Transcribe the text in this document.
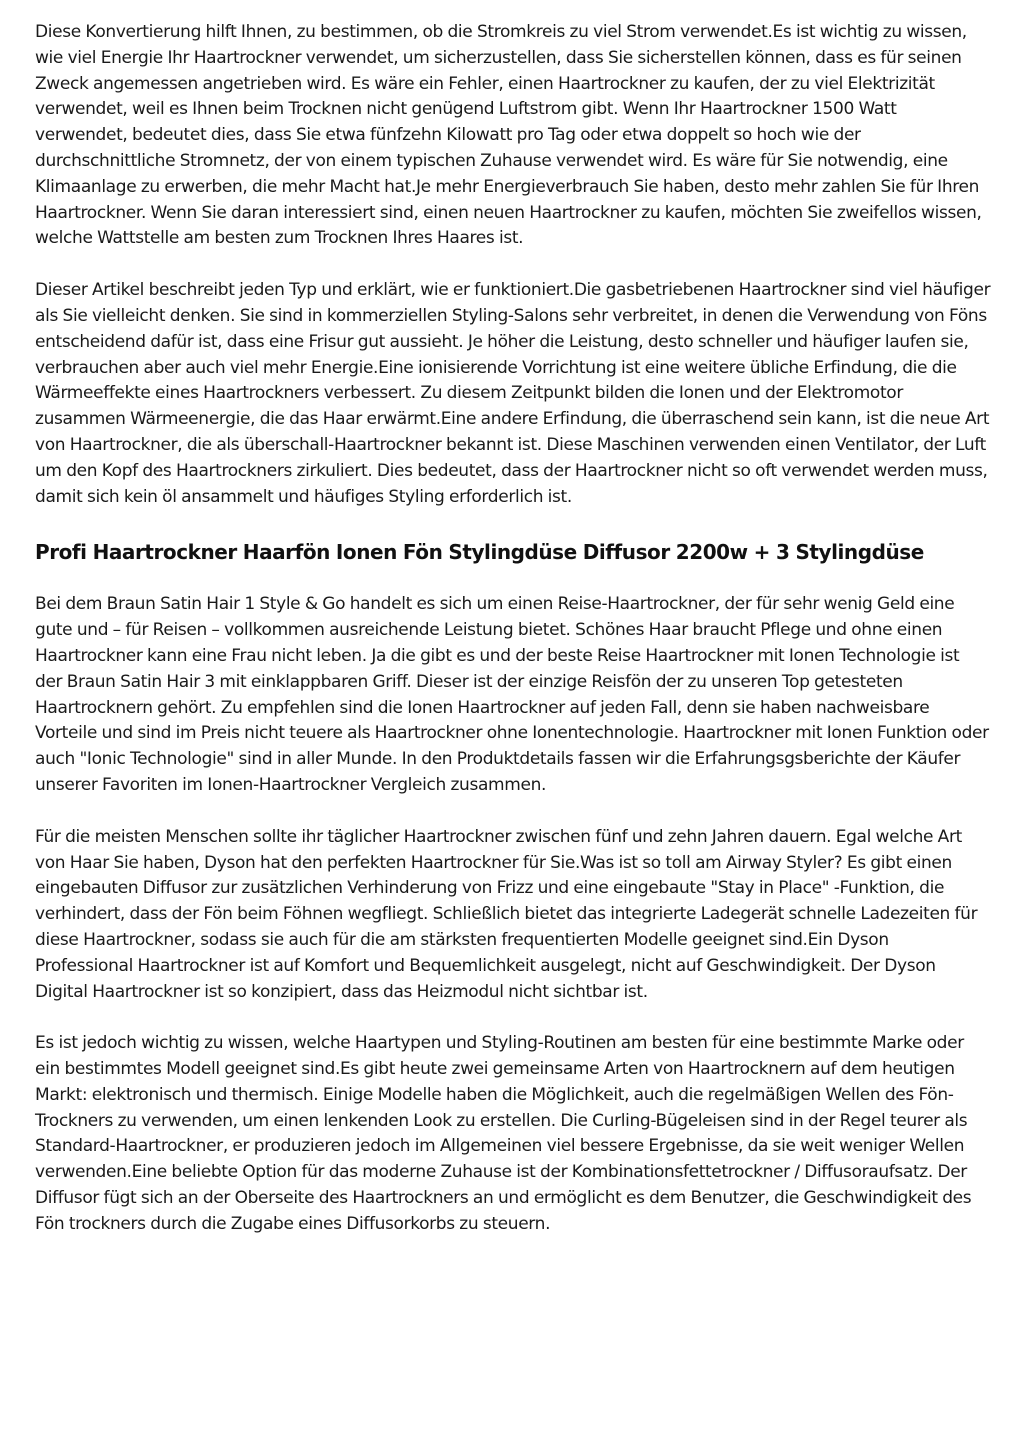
Diese Konvertierung hilft Ihnen, zu bestimmen, ob die Stromkreis zu viel Strom verwendet.Es ist wichtig zu wissen, wie viel Energie Ihr Haartrockner verwendet, um sicherzustellen, dass Sie sicherstellen können, dass es für seinen Zweck angemessen angetrieben wird. Es wäre ein Fehler, einen Haartrockner zu kaufen, der zu viel Elektrizität verwendet, weil es Ihnen beim Trocknen nicht genügend Luftstrom gibt. Wenn Ihr Haartrockner 1500 Watt verwendet, bedeutet dies, dass Sie etwa fünfzehn Kilowatt pro Tag oder etwa doppelt so hoch wie der durchschnittliche Stromnetz, der von einem typischen Zuhause verwendet wird. Es wäre für Sie notwendig, eine Klimaanlage zu erwerben, die mehr Macht hat.Je mehr Energieverbrauch Sie haben, desto mehr zahlen Sie für Ihren Haartrockner. Wenn Sie daran interessiert sind, einen neuen Haartrockner zu kaufen, möchten Sie zweifellos wissen, welche Wattstelle am besten zum Trocknen Ihres Haares ist.

Dieser Artikel beschreibt jeden Typ und erklärt, wie er funktioniert.Die gasbetriebenen Haartrockner sind viel häufiger als Sie vielleicht denken. Sie sind in kommerziellen Styling-Salons sehr verbreitet, in denen die Verwendung von Föns entscheidend dafür ist, dass eine Frisur gut aussieht. Je höher die Leistung, desto schneller und häufiger laufen sie, verbrauchen aber auch viel mehr Energie.Eine ionisierende Vorrichtung ist eine weitere übliche Erfindung, die die Wärmeeffekte eines Haartrockners verbessert. Zu diesem Zeitpunkt bilden die Ionen und der Elektromotor zusammen Wärmeenergie, die das Haar erwärmt.Eine andere Erfindung, die überraschend sein kann, ist die neue Art von Haartrockner, die als überschall-Haartrockner bekannt ist. Diese Maschinen verwenden einen Ventilator, der Luft um den Kopf des Haartrockners zirkuliert. Dies bedeutet, dass der Haartrockner nicht so oft verwendet werden muss, damit sich kein öl ansammelt und häufiges Styling erforderlich ist.

Profi Haartrockner Haarfön Ionen Fön Stylingdüse Diffusor 2200w + 3 Stylingdüse

Bei dem Braun Satin Hair 1 Style & Go handelt es sich um einen Reise-Haartrockner, der für sehr wenig Geld eine gute und – für Reisen – vollkommen ausreichende Leistung bietet. Schönes Haar braucht Pflege und ohne einen Haartrockner kann eine Frau nicht leben. Ja die gibt es und der beste Reise Haartrockner mit Ionen Technologie ist der Braun Satin Hair 3 mit einklappbaren Griff. Dieser ist der einzige Reisfön der zu unseren Top getesteten Haartrocknern gehört. Zu empfehlen sind die Ionen Haartrockner auf jeden Fall, denn sie haben nachweisbare Vorteile und sind im Preis nicht teuere als Haartrockner ohne Ionentechnologie. Haartrockner mit Ionen Funktion oder auch "Ionic Technologie" sind in aller Munde. In den Produktdetails fassen wir die Erfahrungsgsberichte der Käufer unserer Favoriten im Ionen-Haartrockner Vergleich zusammen.

Für die meisten Menschen sollte ihr täglicher Haartrockner zwischen fünf und zehn Jahren dauern. Egal welche Art von Haar Sie haben, Dyson hat den perfekten Haartrockner für Sie.Was ist so toll am Airway Styler? Es gibt einen eingebauten Diffusor zur zusätzlichen Verhinderung von Frizz und eine eingebaute "Stay in Place" -Funktion, die verhindert, dass der Fön beim Föhnen wegfliegt. Schließlich bietet das integrierte Ladegerät schnelle Ladezeiten für diese Haartrockner, sodass sie auch für die am stärksten frequentierten Modelle geeignet sind.Ein Dyson Professional Haartrockner ist auf Komfort und Bequemlichkeit ausgelegt, nicht auf Geschwindigkeit. Der Dyson Digital Haartrockner ist so konzipiert, dass das Heizmodul nicht sichtbar ist.

Es ist jedoch wichtig zu wissen, welche Haartypen und Styling-Routinen am besten für eine bestimmte Marke oder ein bestimmtes Modell geeignet sind.Es gibt heute zwei gemeinsame Arten von Haartrocknern auf dem heutigen Markt: elektronisch und thermisch. Einige Modelle haben die Möglichkeit, auch die regelmäßigen Wellen des Fön-Trockners zu verwenden, um einen lenkenden Look zu erstellen. Die Curling-Bügeleisen sind in der Regel teurer als Standard-Haartrockner, er produzieren jedoch im Allgemeinen viel bessere Ergebnisse, da sie weit weniger Wellen verwenden.Eine beliebte Option für das moderne Zuhause ist der Kombinationsfettetrockner / Diffusoraufsatz. Der Diffusor fügt sich an der Oberseite des Haartrockners an und ermöglicht es dem Benutzer, die Geschwindigkeit des Fön trockners durch die Zugabe eines Diffusorkorbs zu steuern.
